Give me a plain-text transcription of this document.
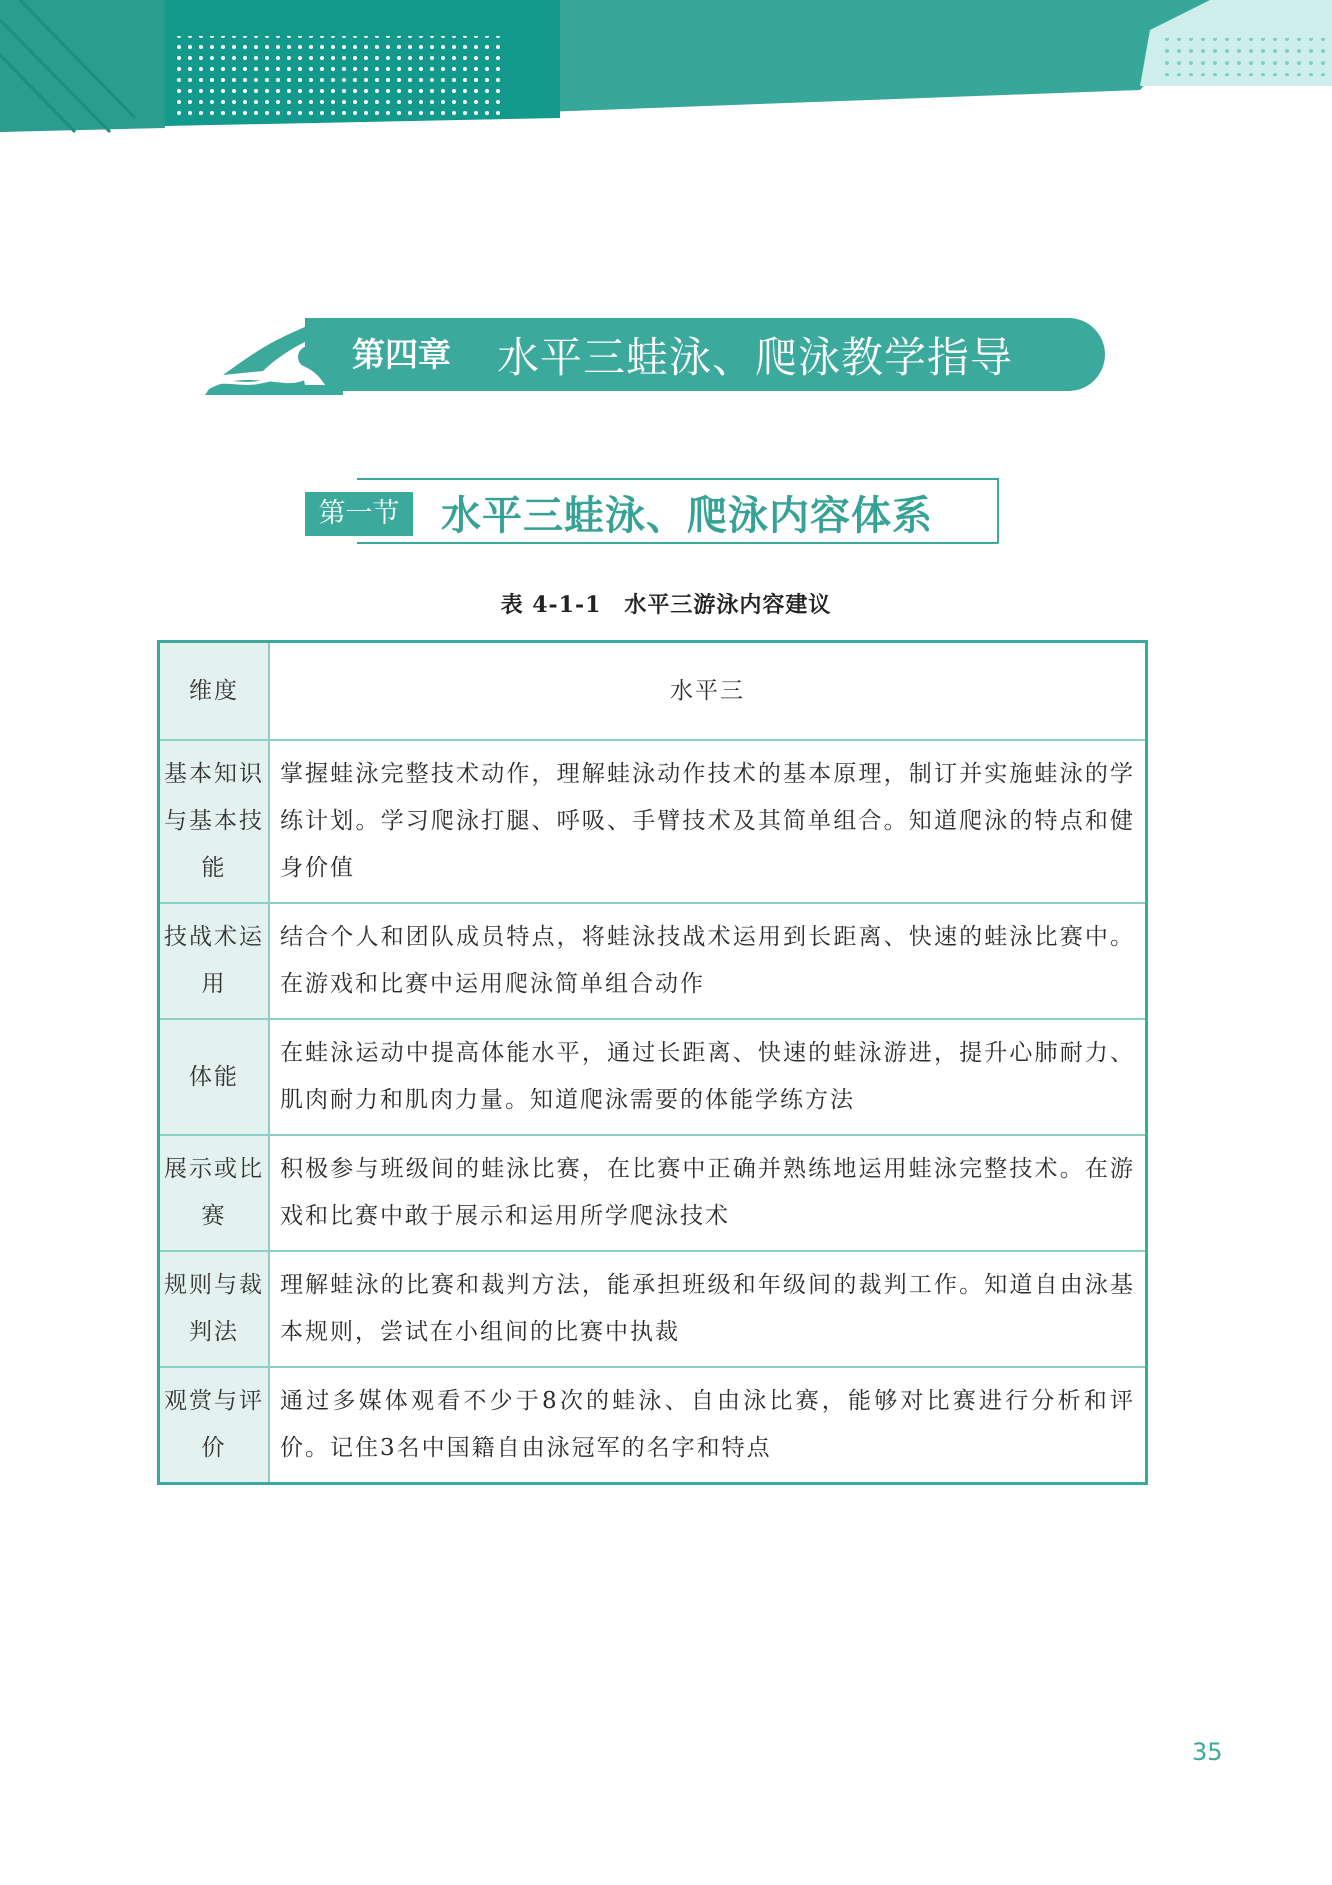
第四章 水平三蛙泳、爬泳教学指导
第一节	水平三蛙泳、爬泳内容体系
表 4-1-1　水平三游泳内容建议
维度	水平三
基本知识与基本技能	掌握蛙泳完整技术动作，理解蛙泳动作技术的基本原理，制订并实施蛙泳的学练计划。学习爬泳打腿、呼吸、手臂技术及其简单组合。知道爬泳的特点和健身价值
技战术运用	结合个人和团队成员特点，将蛙泳技战术运用到长距离、快速的蛙泳比赛中。在游戏和比赛中运用爬泳简单组合动作
体能	在蛙泳运动中提高体能水平，通过长距离、快速的蛙泳游进，提升心肺耐力、肌肉耐力和肌肉力量。知道爬泳需要的体能学练方法
展示或比赛	积极参与班级间的蛙泳比赛，在比赛中正确并熟练地运用蛙泳完整技术。在游戏和比赛中敢于展示和运用所学爬泳技术
规则与裁判法	理解蛙泳的比赛和裁判方法，能承担班级和年级间的裁判工作。知道自由泳基本规则，尝试在小组间的比赛中执裁
观赏与评价	通过多媒体观看不少于8次的蛙泳、自由泳比赛，能够对比赛进行分析和评价。记住3名中国籍自由泳冠军的名字和特点
35
